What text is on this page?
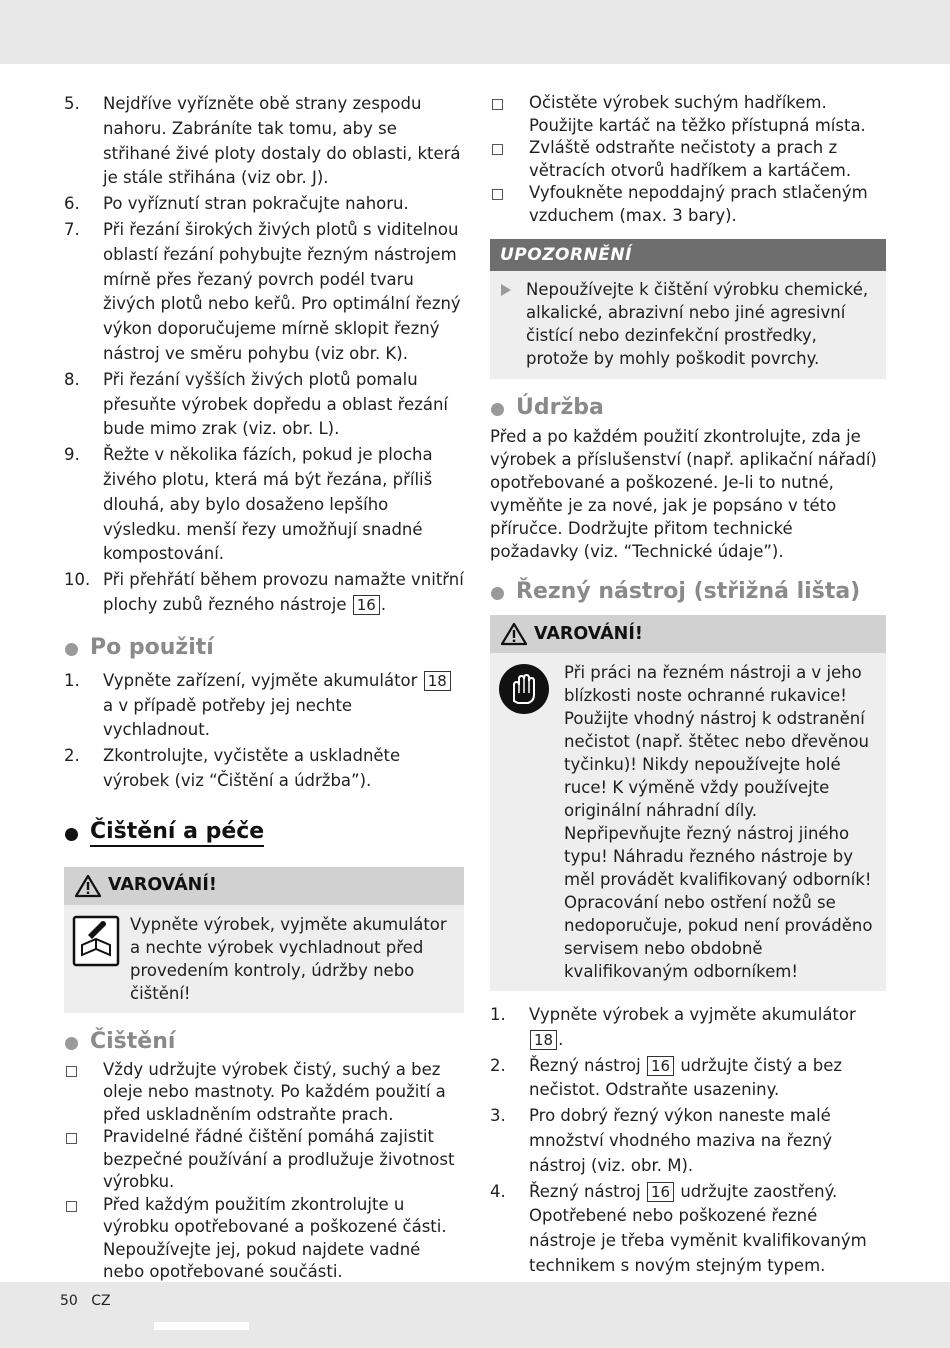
5. Nejdříve vyřízněte obě strany zespodu nahoru. Zabráníte tak tomu, aby se střihané živé ploty dostaly do oblasti, která je stále střihána (viz obr. J).
6. Po vyříznutí stran pokračujte nahoru.
7. Při řezání širokých živých plotů s viditelnou oblastí řezání pohybujte řezným nástrojem mírně přes řezaný povrch podél tvaru živých plotů nebo keřů. Pro optimální řezný výkon doporučujeme mírně sklopit řezný nástroj ve směru pohybu (viz obr. K).
8. Při řezání vyšších živých plotů pomalu přesuňte výrobek dopředu a oblast řezání bude mimo zrak (viz. obr. L).
9. Řežte v několika fázích, pokud je plocha živého plotu, která má být řezána, příliš dlouhá, aby bylo dosaženo lepšího výsledku. menší řezy umožňují snadné kompostování.
10. Při přehřátí během provozu namažte vnitřní plochy zubů řezného nástroje 16 .
Po použití
1. Vypněte zařízení, vyjměte akumulátor 18 a v případě potřeby jej nechte vychladnout.
2. Zkontrolujte, vyčistěte a uskladněte výrobek (viz “Čištění a údržba”).
Čištění a péče
VAROVÁNÍ!
Vypněte výrobek, vyjměte akumulátor a nechte výrobek vychladnout před provedením kontroly, údržby nebo čištění!
Čištění
Vždy udržujte výrobek čistý, suchý a bez oleje nebo mastnoty. Po každém použití a před uskladněním odstraňte prach.
Pravidelné řádné čištění pomáhá zajistit bezpečné používání a prodlužuje životnost výrobku.
Před každým použitím zkontrolujte u výrobku opotřebované a poškozené části. Nepoužívejte jej, pokud najdete vadné nebo opotřebované součásti.
Očistěte výrobek suchým hadříkem. Použijte kartáč na těžko přístupná místa.
Zvláště odstraňte nečistoty a prach z větracích otvorů hadříkem a kartáčem.
Vyfoukněte nepoddajný prach stlačeným vzduchem (max. 3 bary).
UPOZORNĚNÍ
Nepoužívejte k čištění výrobku chemické, alkalické, abrazivní nebo jiné agresivní čistící nebo dezinfekční prostředky, protože by mohly poškodit povrchy.
Údržba

Před a po každém použití zkontrolujte, zda je výrobek a příslušenství (např. aplikační nářadí) opotřebované a poškozené. Je-li to nutné, vyměňte je za nové, jak je popsáno v této příručce. Dodržujte přitom technické požadavky (viz. “Technické údaje”).

Řezný nástroj (střižná lišta)
VAROVÁNÍ!
Při práci na řezném nástroji a v jeho blízkosti noste ochranné rukavice! Použijte vhodný nástroj k odstranění nečistot (např. štětec nebo dřevěnou tyčinku)! Nikdy nepoužívejte holé ruce! K výměně vždy používejte originální náhradní díly. Nepřipevňujte řezný nástroj jiného typu! Náhradu řezného nástroje by měl provádět kvalifikovaný odborník! Opracování nebo ostření nožů se nedoporučuje, pokud není prováděno servisem nebo obdobně kvalifikovaným odborníkem!
1. Vypněte výrobek a vyjměte akumulátor 18 .
2. Řezný nástroj 16 udržujte čistý a bez nečistot. Odstraňte usazeniny.
3. Pro dobrý řezný výkon naneste malé množství vhodného maziva na řezný nástroj (viz. obr. M).
4. Řezný nástroj 16 udržujte zaostřený. Opotřebené nebo poškozené řezné nástroje je třeba vyměnit kvalifikovaným technikem s novým stejným typem.
50 CZ
